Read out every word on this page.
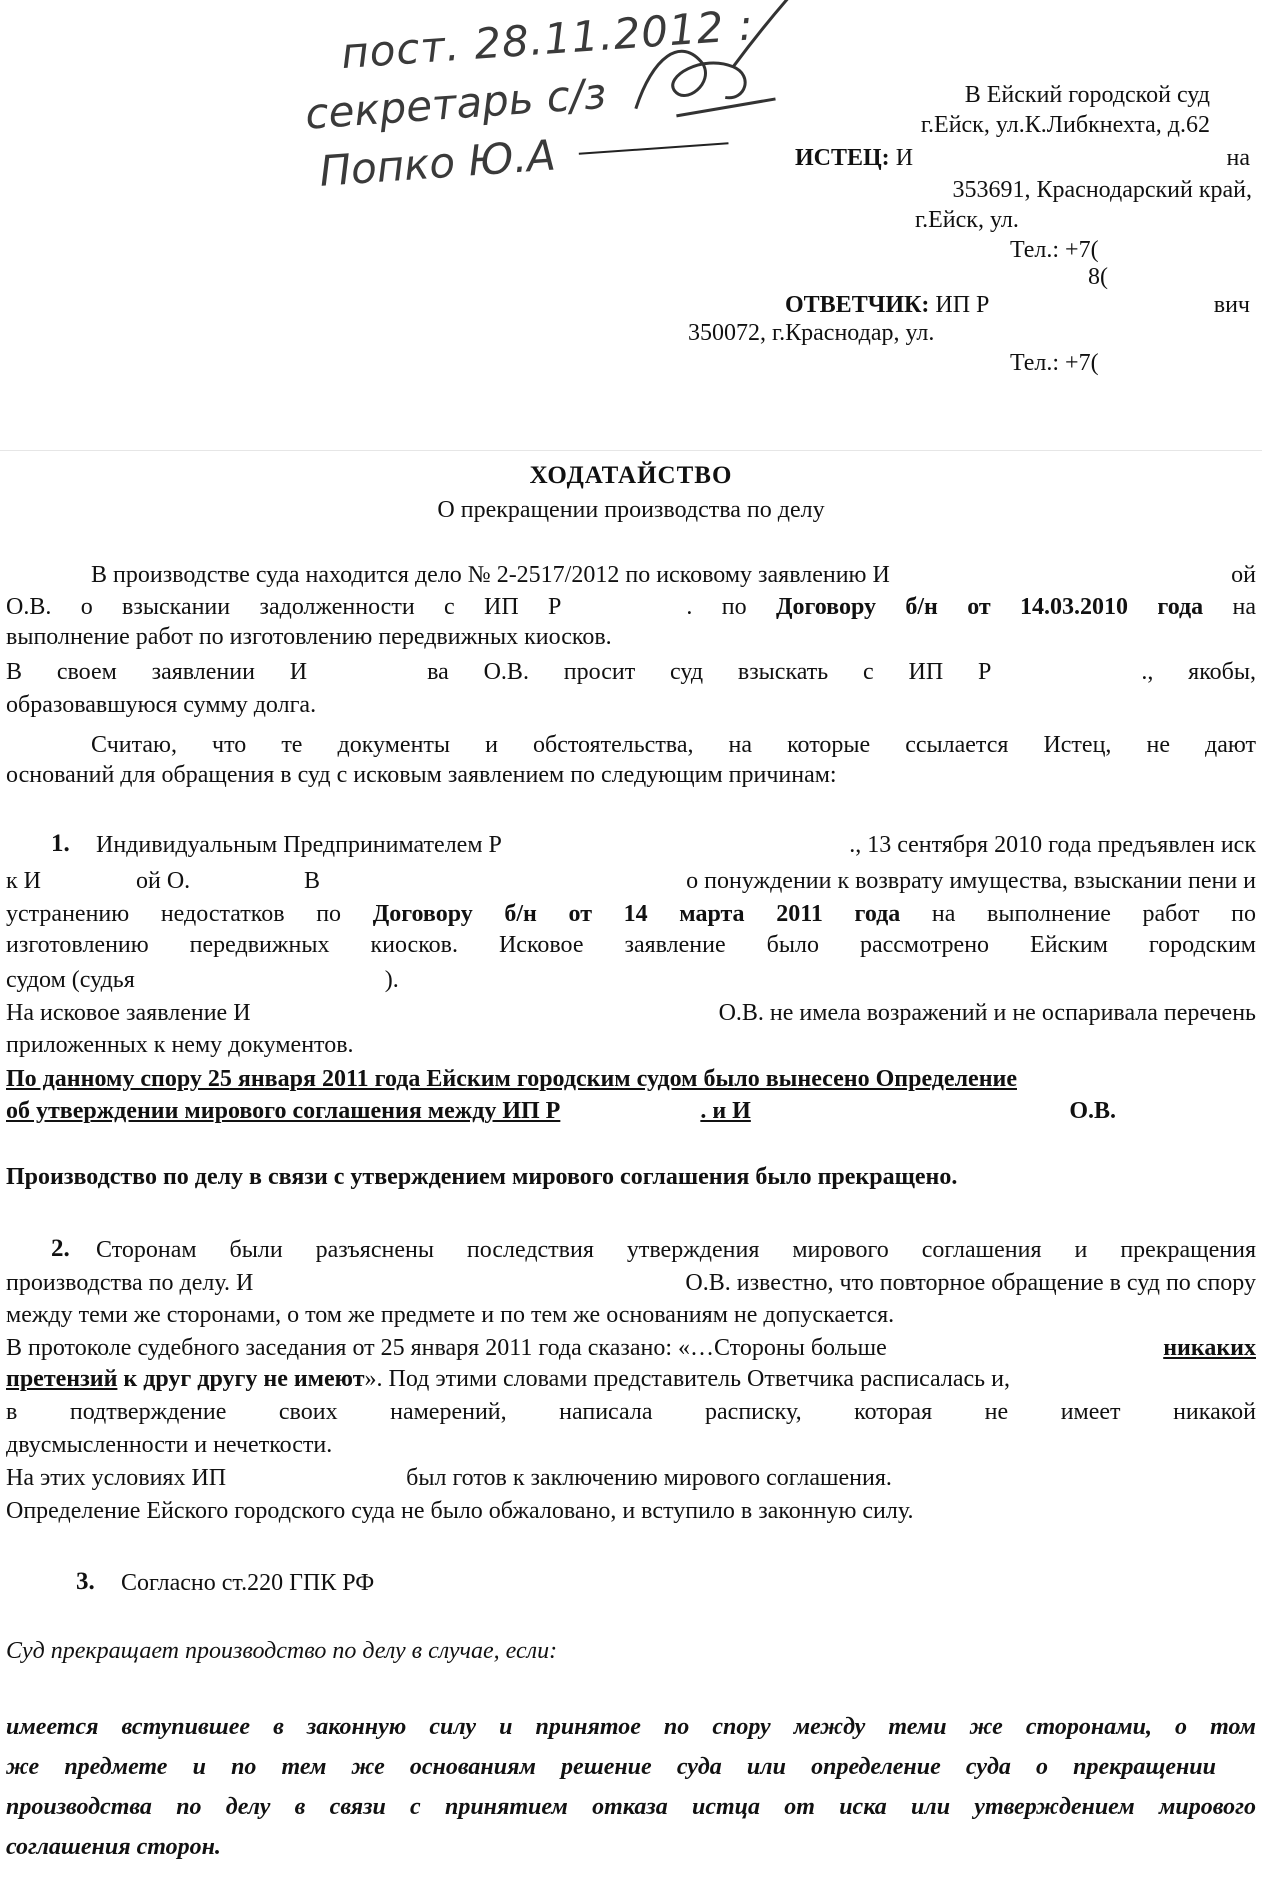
пост. 28.11.2012 :
секретарь с/з
Попко Ю.А
В Ейский городской суд
г.Ейск, ул.К.Либкнехта, д.62
ИСТЕЦ: И	на
353691, Краснодарский край,
г.Ейск, ул.
Тел.: +7(
8(
ОТВЕТЧИК: ИП Р	вич
350072, г.Краснодар, ул.
Тел.: +7(
ХОДАТАЙСТВО
О прекращении производства по делу
В производстве суда находится дело № 2-2517/2012 по исковому заявлению И	ой
О.В. о взыскании задолженности с ИП Р	. по Договору б/н от 14.03.2010 года на
выполнение работ по изготовлению передвижных киосков.
В своем заявлении И	ва О.В. просит суд взыскать с ИП Р	., якобы,
образовавшуюся сумму долга.
Считаю, что те документы и обстоятельства, на которые ссылается Истец, не дают
оснований для обращения в суд с исковым заявлением по следующим причинам:
1. Индивидуальным Предпринимателем Р	., 13 сентября 2010 года предъявлен иск
к И	ой О.	В	о понуждении к возврату имущества, взыскании пени и
устранению недостатков по Договору б/н от 14 марта 2011 года на выполнение работ по
изготовлению передвижных киосков. Исковое заявление было рассмотрено Ейским городским
судом (судья	).
На исковое заявление И	О.В. не имела возражений и не оспаривала перечень
приложенных к нему документов.
По данному спору 25 января 2011 года Ейским городским судом было вынесено Определение
об утверждении мирового соглашения между ИП Р	. и И	О.В.
Производство по делу в связи с утверждением мирового соглашения было прекращено.
2. Сторонам были разъяснены последствия утверждения мирового соглашения и прекращения
производства по делу. И	О.В. известно, что повторное обращение в суд по спору
между теми же сторонами, о том же предмете и по тем же основаниям не допускается.
В протоколе судебного заседания от 25 января 2011 года сказано: «…Стороны больше	никаких
претензий к друг другу не имеют». Под этими словами представитель Ответчика расписалась и,
в подтверждение своих намерений, написала расписку, которая не имеет никакой
двусмысленности и нечеткости.
На этих условиях ИП	был готов к заключению мирового соглашения.
Определение Ейского городского суда не было обжаловано, и вступило в законную силу.
3. Согласно ст.220 ГПК РФ
Суд прекращает производство по делу в случае, если:
имеется вступившее в законную силу и принятое по спору между теми же сторонами, о том
же предмете и по тем же основаниям решение суда или определение суда о прекращении
производства по делу в связи с принятием отказа истца от иска или утверждением мирового
соглашения сторон.
